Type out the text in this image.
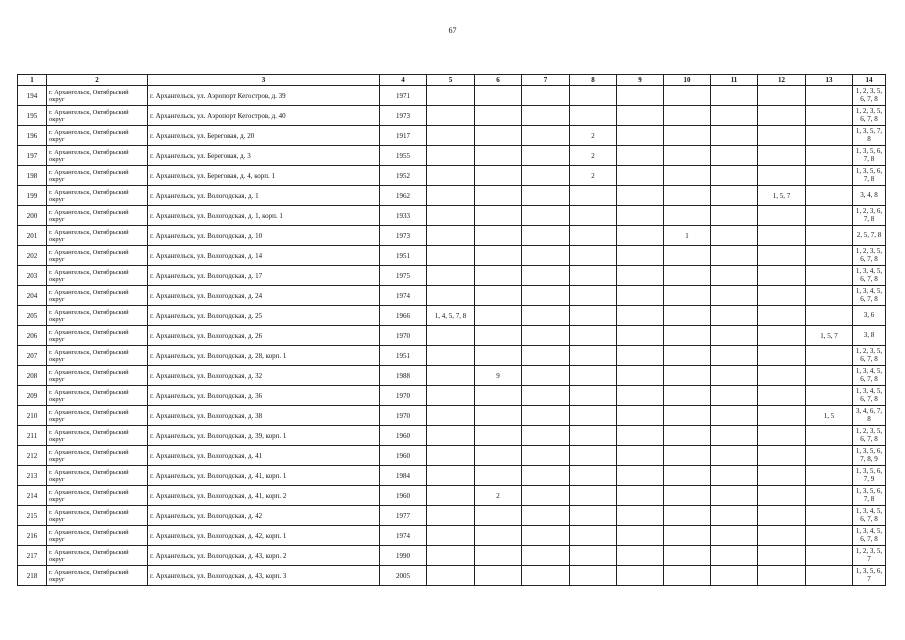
67
1	2	3	4	5	6	7	8	9	10	11	12	13	14
194	г. Архангельск, Октябрьский округ	г. Архангельск, ул. Аэропорт Кегостров, д. 39	1971										1, 2, 3, 5, 6, 7, 8
195	г. Архангельск, Октябрьский округ	г. Архангельск, ул. Аэропорт Кегостров, д. 40	1973										1, 2, 3, 5, 6, 7, 8
196	г. Архангельск, Октябрьский округ	г. Архангельск, ул. Береговая, д. 20	1917				2						1, 3, 5, 7, 8
197	г. Архангельск, Октябрьский округ	г. Архангельск, ул. Береговая, д. 3	1955				2						1, 3, 5, 6, 7, 8
198	г. Архангельск, Октябрьский округ	г. Архангельск, ул. Береговая, д. 4, корп. 1	1952				2						1, 3, 5, 6, 7, 8
199	г. Архангельск, Октябрьский округ	г. Архангельск, ул. Вологодская, д. 1	1962								1, 5, 7		3, 4, 8
200	г. Архангельск, Октябрьский округ	г. Архангельск, ул. Вологодская, д. 1, корп. 1	1933										1, 2, 3, 6, 7, 8
201	г. Архангельск, Октябрьский округ	г. Архангельск, ул. Вологодская, д. 10	1973						1				2, 5, 7, 8
202	г. Архангельск, Октябрьский округ	г. Архангельск, ул. Вологодская, д. 14	1951										1, 2, 3, 5, 6, 7, 8
203	г. Архангельск, Октябрьский округ	г. Архангельск, ул. Вологодская, д. 17	1975										1, 3, 4, 5, 6, 7, 8
204	г. Архангельск, Октябрьский округ	г. Архангельск, ул. Вологодская, д. 24	1974										1, 3, 4, 5, 6, 7, 8
205	г. Архангельск, Октябрьский округ	г. Архангельск, ул. Вологодская, д. 25	1966	1, 4, 5, 7, 8									3, 6
206	г. Архангельск, Октябрьский округ	г. Архангельск, ул. Вологодская, д. 26	1970									1, 5, 7	3, 8
207	г. Архангельск, Октябрьский округ	г. Архангельск, ул. Вологодская, д. 28, корп. 1	1951										1, 2, 3, 5, 6, 7, 8
208	г. Архангельск, Октябрьский округ	г. Архангельск, ул. Вологодская, д. 32	1988		9								1, 3, 4, 5, 6, 7, 8
209	г. Архангельск, Октябрьский округ	г. Архангельск, ул. Вологодская, д. 36	1970										1, 3, 4, 5, 6, 7, 8
210	г. Архангельск, Октябрьский округ	г. Архангельск, ул. Вологодская, д. 38	1970									1, 5	3, 4, 6, 7, 8
211	г. Архангельск, Октябрьский округ	г. Архангельск, ул. Вологодская, д. 39, корп. 1	1960										1, 2, 3, 5, 6, 7, 8
212	г. Архангельск, Октябрьский округ	г. Архангельск, ул. Вологодская, д. 41	1960										1, 3, 5, 6, 7, 8, 9
213	г. Архангельск, Октябрьский округ	г. Архангельск, ул. Вологодская, д. 41, корп. 1	1984										1, 3, 5, 6, 7, 9
214	г. Архангельск, Октябрьский округ	г. Архангельск, ул. Вологодская, д. 41, корп. 2	1960		2								1, 3, 5, 6, 7, 8
215	г. Архангельск, Октябрьский округ	г. Архангельск, ул. Вологодская, д. 42	1977										1, 3, 4, 5, 6, 7, 8
216	г. Архангельск, Октябрьский округ	г. Архангельск, ул. Вологодская, д. 42, корп. 1	1974										1, 3, 4, 5, 6, 7, 8
217	г. Архангельск, Октябрьский округ	г. Архангельск, ул. Вологодская, д. 43, корп. 2	1990										1, 2, 3, 5, 7
218	г. Архангельск, Октябрьский округ	г. Архангельск, ул. Вологодская, д. 43, корп. 3	2005										1, 3, 5, 6, 7
